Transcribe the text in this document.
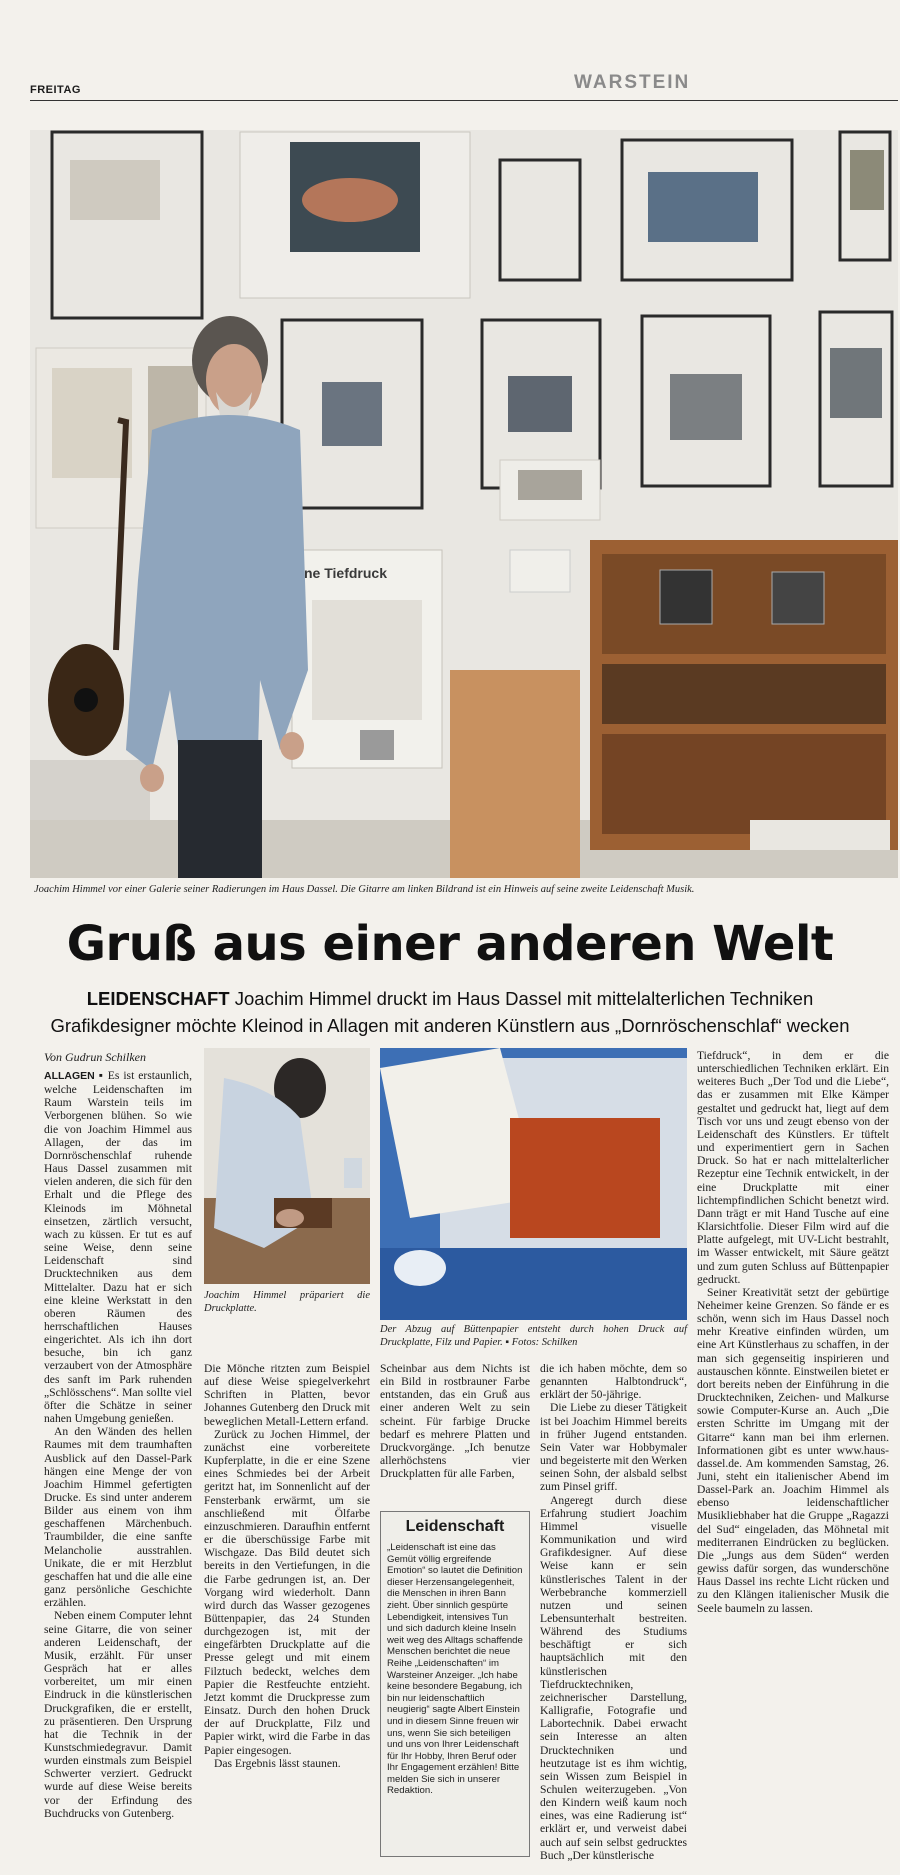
FREITAG	WARSTEIN
ne Tiefdruck
Joachim Himmel vor einer Galerie seiner Radierungen im Haus Dassel. Die Gitarre am linken Bildrand ist ein Hinweis auf seine zweite Leidenschaft Musik.
Gruß aus einer anderen Welt
LEIDENSCHAFT Joachim Himmel druckt im Haus Dassel mit mittelalterlichen Techniken
Grafikdesigner möchte Kleinod in Allagen mit anderen Künstlern aus „Dornröschenschlaf“ wecken
Von Gudrun Schilken

ALLAGEN ▪ Es ist erstaunlich, welche Leidenschaften im Raum Warstein teils im Verborgenen blühen. So wie die von Joachim Himmel aus Allagen, der das im Dornröschenschlaf ruhende Haus Dassel zusammen mit vielen anderen, die sich für den Erhalt und die Pflege des Kleinods im Möhnetal einsetzen, zärtlich versucht, wach zu küssen. Er tut es auf seine Weise, denn seine Leidenschaft sind Drucktechniken aus dem Mittelalter. Dazu hat er sich eine kleine Werkstatt in den oberen Räumen des herrschaftlichen Hauses eingerichtet. Als ich ihn dort besuche, bin ich ganz verzaubert von der Atmosphäre des sanft im Park ruhenden „Schlösschens“. Man sollte viel öfter die Schätze in seiner nahen Umgebung genießen.

An den Wänden des hellen Raumes mit dem traumhaften Ausblick auf den Dassel-Park hängen eine Menge der von Joachim Himmel gefertigten Drucke. Es sind unter anderem Bilder aus einem von ihm geschaffenen Märchenbuch. Traumbilder, die eine sanfte Melancholie ausstrahlen. Unikate, die er mit Herzblut geschaffen hat und die alle eine ganz persönliche Geschichte erzählen.

Neben einem Computer lehnt seine Gitarre, die von seiner anderen Leidenschaft, der Musik, erzählt. Für unser Gespräch hat er alles vorbereitet, um mir einen Eindruck in die künstlerischen Druckgrafiken, die er erstellt, zu präsentieren. Den Ursprung hat die Technik in der Kunstschmiedegravur. Damit wurden einstmals zum Beispiel Schwerter verziert. Gedruckt wurde auf diese Weise bereits vor der Erfindung des Buchdrucks von Gutenberg.

Joachim Himmel präpariert die Druckplatte.
Der Abzug auf Büttenpapier entsteht durch hohen Druck auf Druckplatte, Filz und Papier. ▪ Fotos: Schilken

Die Mönche ritzten zum Beispiel auf diese Weise spiegelverkehrt Schriften in Platten, bevor Johannes Gutenberg den Druck mit beweglichen Metall-Lettern erfand.

Zurück zu Jochen Himmel, der zunächst eine vorbereitete Kupferplatte, in die er eine Szene eines Schmiedes bei der Arbeit geritzt hat, im Sonnenlicht auf der Fensterbank erwärmt, um sie anschließend mit Ölfarbe einzuschmieren. Daraufhin entfernt er die überschüssige Farbe mit Wischgaze. Das Bild deutet sich bereits in den Vertiefungen, in die die Farbe gedrungen ist, an. Der Vorgang wird wiederholt. Dann wird durch das Wasser gezogenes Büttenpapier, das 24 Stunden durchgezogen ist, mit der eingefärbten Druckplatte auf die Presse gelegt und mit einem Filztuch bedeckt, welches dem Papier die Restfeuchte entzieht. Jetzt kommt die Druckpresse zum Einsatz. Durch den hohen Druck der auf Druckplatte, Filz und Papier wirkt, wird die Farbe in das Papier eingesogen.

Das Ergebnis lässt staunen.

Scheinbar aus dem Nichts ist ein Bild in rostbrauner Farbe entstanden, das ein Gruß aus einer anderen Welt zu sein scheint. Für farbige Drucke bedarf es mehrere Platten und Druckvorgänge. „Ich benutze allerhöchstens vier Druckplatten für alle Farben,

Leidenschaft
„Leidenschaft ist eine das Gemüt völlig ergreifende Emotion“ so lautet die Definition dieser Herzensangelegenheit, die Menschen in ihren Bann zieht. Über sinnlich gespürte Lebendigkeit, intensives Tun und sich dadurch kleine Inseln weit weg des Alltags schaffende Menschen berichtet die neue Reihe „Leidenschaften“ im Warsteiner Anzeiger. „Ich habe keine besondere Begabung, ich bin nur leidenschaftlich neugierig“ sagte Albert Einstein und in diesem Sinne freuen wir uns, wenn Sie sich beteiligen und uns von Ihrer Leidenschaft für Ihr Hobby, Ihren Beruf oder Ihr Engagement erzählen! Bitte melden Sie sich in unserer Redaktion.

die ich haben möchte, dem so genannten Halbtondruck“, erklärt der 50-jährige.

Die Liebe zu dieser Tätigkeit ist bei Joachim Himmel bereits in früher Jugend entstanden. Sein Vater war Hobbymaler und begeisterte mit den Werken seinen Sohn, der alsbald selbst zum Pinsel griff.

Angeregt durch diese Erfahrung studiert Joachim Himmel visuelle Kommunikation und wird Grafikdesigner. Auf diese Weise kann er sein künstlerisches Talent in der Werbebranche kommerziell nutzen und seinen Lebensunterhalt bestreiten. Während des Studiums beschäftigt er sich hauptsächlich mit den künstlerischen Tiefdrucktechniken, zeichnerischer Darstellung, Kalligrafie, Fotografie und Labortechnik. Dabei erwacht sein Interesse an alten Drucktechniken und heutzutage ist es ihm wichtig, sein Wissen zum Beispiel in Schulen weiterzugeben. „Von den Kindern weiß kaum noch eines, was eine Radierung ist“ erklärt er, und verweist dabei auch auf sein selbst gedrucktes Buch „Der künstlerische

Tiefdruck“, in dem er die unterschiedlichen Techniken erklärt. Ein weiteres Buch „Der Tod und die Liebe“, das er zusammen mit Elke Kämper gestaltet und gedruckt hat, liegt auf dem Tisch vor uns und zeugt ebenso von der Leidenschaft des Künstlers. Er tüftelt und experimentiert gern in Sachen Druck. So hat er nach mittelalterlicher Rezeptur eine Technik entwickelt, in der eine Druckplatte mit einer lichtempfindlichen Schicht benetzt wird. Dann trägt er mit Hand Tusche auf eine Klarsichtfolie. Dieser Film wird auf die Platte aufgelegt, mit UV-Licht bestrahlt, im Wasser entwickelt, mit Säure geätzt und zum guten Schluss auf Büttenpapier gedruckt.

Seiner Kreativität setzt der gebürtige Neheimer keine Grenzen. So fände er es schön, wenn sich im Haus Dassel noch mehr Kreative einfinden würden, um eine Art Künstlerhaus zu schaffen, in der man sich gegenseitig inspirieren und austauschen könnte. Einstweilen bietet er dort bereits neben der Einführung in die Drucktechniken, Zeichen- und Malkurse sowie Computer-Kurse an. Auch „Die ersten Schritte im Umgang mit der Gitarre“ kann man bei ihm erlernen. Informationen gibt es unter www.haus-dassel.de. Am kommenden Samstag, 26. Juni, steht ein italienischer Abend im Dassel-Park an. Joachim Himmel als ebenso leidenschaftlicher Musikliebhaber hat die Gruppe „Ragazzi del Sud“ eingeladen, das Möhnetal mit mediterranen Eindrücken zu beglücken. Die „Jungs aus dem Süden“ werden gewiss dafür sorgen, das wunderschöne Haus Dassel ins rechte Licht rücken und zu den Klängen italienischer Musik die Seele baumeln zu lassen.
